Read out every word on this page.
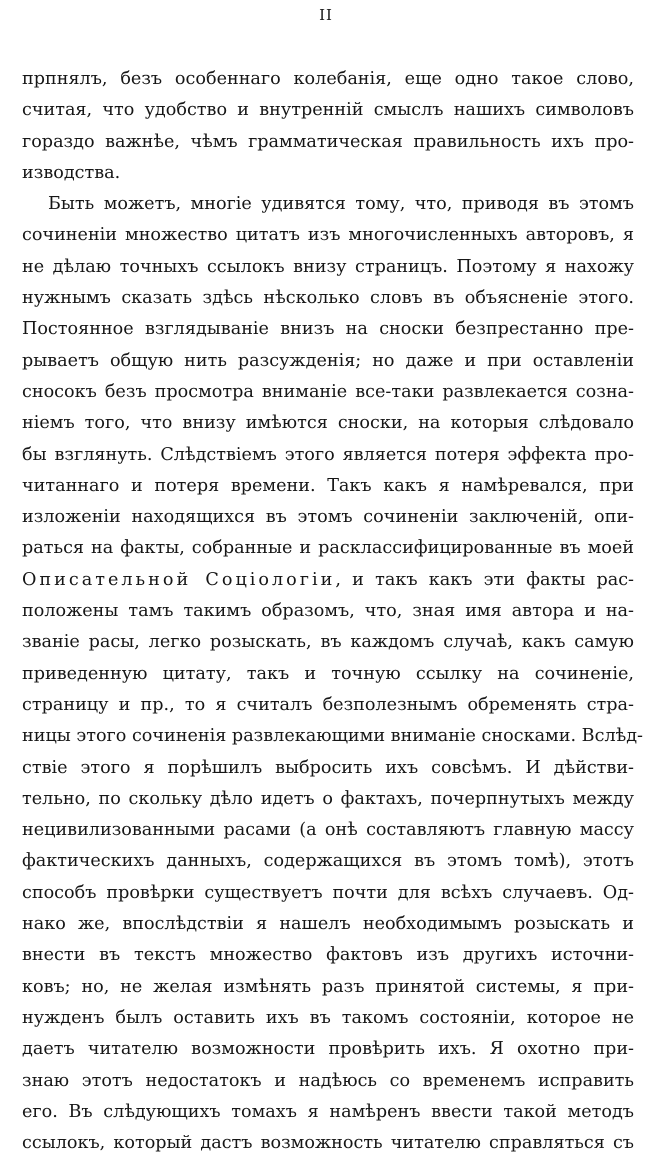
II
прпнялъ, безъ особеннаго колебанія, еще одно такое слово,
считая, что удобство и внутренній смыслъ нашихъ символовъ
гораздо важнѣе, чѣмъ грамматическая правильность ихъ про-
изводства.
Быть можетъ, многіе удивятся тому, что, приводя въ этомъ
сочиненіи множество цитатъ изъ многочисленныхъ авторовъ, я
не дѣлаю точныхъ ссылокъ внизу страницъ. Поэтому я нахожу
нужнымъ сказать здѣсь нѣсколько словъ въ объясненіе этого.
Постоянное взглядываніе внизъ на сноски безпрестанно пре-
рываетъ общую нить разсужденія; но даже и при оставленіи
сносокъ безъ просмотра вниманіе все-таки развлекается созна-
ніемъ того, что внизу имѣются сноски, на которыя слѣдовало
бы взглянуть. Слѣдствіемъ этого является потеря эффекта про-
читаннаго и потеря времени. Такъ какъ я намѣревался, при
изложеніи находящихся въ этомъ сочиненіи заключеній, опи-
раться на факты, собранные и расклассифицированные въ моей
Описательной Соціологіи, и такъ какъ эти факты рас-
положены тамъ такимъ образомъ, что, зная имя автора и на-
званіе расы, легко розыскать, въ каждомъ случаѣ, какъ самую
приведенную цитату, такъ и точную ссылку на сочиненіе,
страницу и пр., то я считалъ безполезнымъ обременять стра-
ницы этого сочиненія развлекающими вниманіе сносками. Вслѣд-
ствіе этого я порѣшилъ выбросить ихъ совсѣмъ. И дѣйстви-
тельно, по скольку дѣло идетъ о фактахъ, почерпнутыхъ между
нецивилизованными расами (а онѣ составляютъ главную массу
фактическихъ данныхъ, содержащихся въ этомъ томѣ), этотъ
способъ провѣрки существуетъ почти для всѣхъ случаевъ. Од-
нако же, впослѣдствіи я нашелъ необходимымъ розыскать и
внести въ текстъ множество фактовъ изъ другихъ источни-
ковъ; но, не желая измѣнять разъ принятой системы, я при-
нужденъ былъ оставить ихъ въ такомъ состояніи, которое не
даетъ читателю возможности провѣрить ихъ. Я охотно при-
знаю этотъ недостатокъ и надѣюсь со временемъ исправить
его. Въ слѣдующихъ томахъ я намѣренъ ввести такой методъ
ссылокъ, который дастъ возможность читателю справляться съ
